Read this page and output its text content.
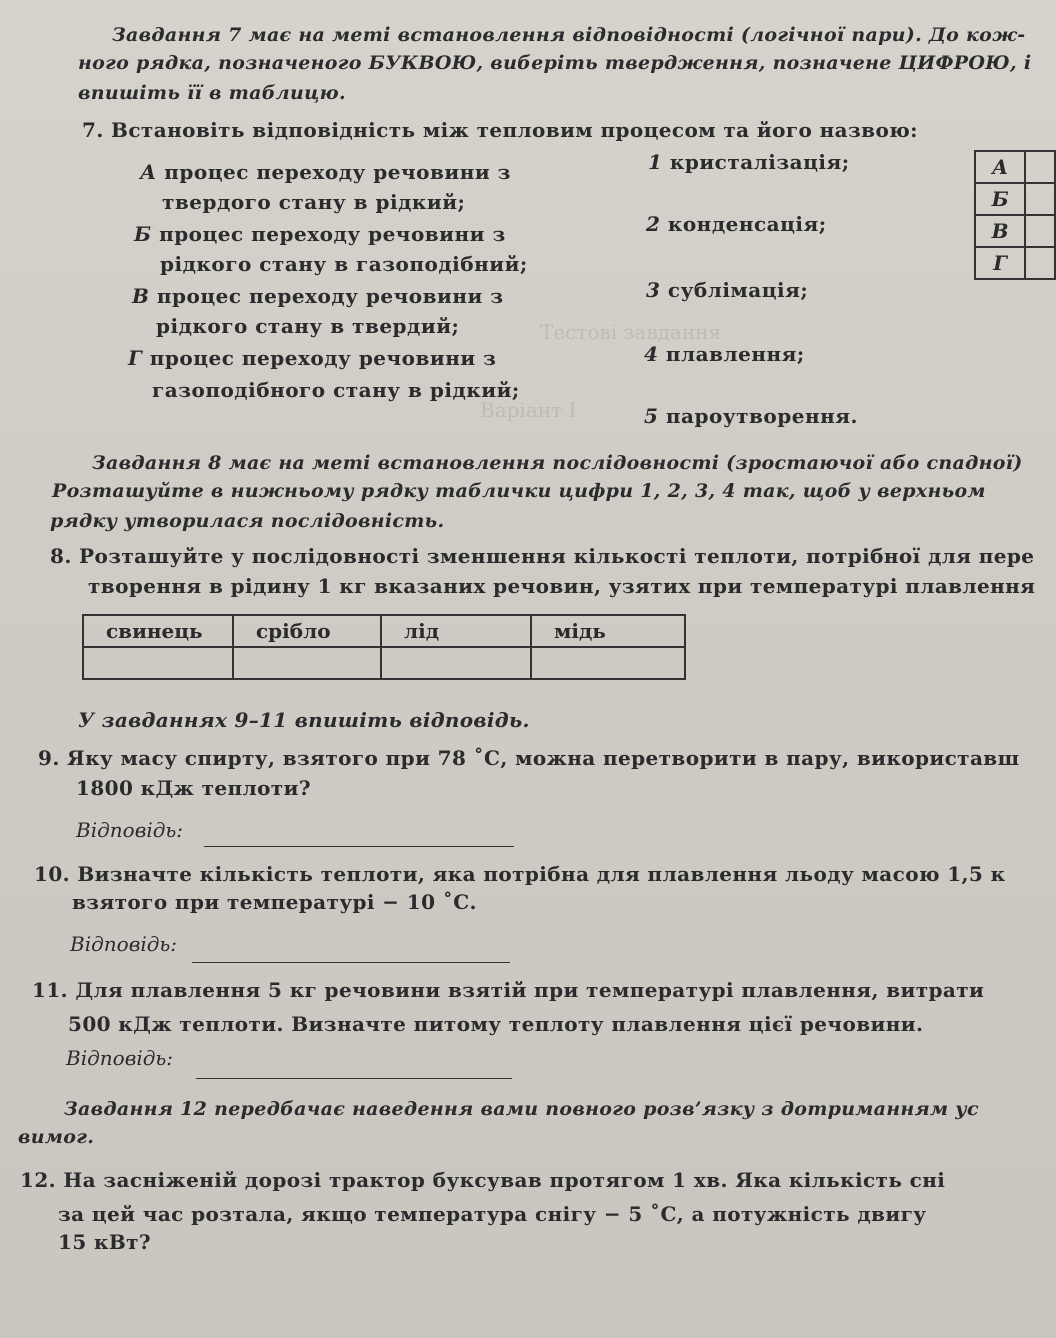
Тестові завдання
Варіант I
Завдання 7 має на меті встановлення відповідності (логічної пари). До кож-
ного рядка, позначеного БУКВОЮ, виберіть твердження, позначене ЦИФРОЮ, і
впишіть її в таблицю.
7. Встановіть відповідність між тепловим процесом та його назвою:
А процес переходу речовини з
твердого стану в рідкий;
Б процес переходу речовини з
рідкого стану в газоподібний;
В процес переходу речовини з
рідкого стану в твердий;
Г процес переходу речовини з
газоподібного стану в рідкий;
1 кристалізація;
2 конденсація;
3 сублімація;
4 плавлення;
5 пароутворення.
А	
Б	
В	
Г	
Завдання 8 має на меті встановлення послідовності (зростаючої або спадної)
Розташуйте в нижньому рядку таблички цифри 1, 2, 3, 4 так, щоб у верхньом
рядку утворилася послідовність.
8. Розташуйте у послідовності зменшення кількості теплоти, потрібної для пере
творення в рідину 1 кг вказаних речовин, узятих при температурі плавлення
свинець	срібло	лід	мідь

У завданнях 9–11 впишіть відповідь.
9. Яку масу спирту, взятого при 78 ˚С, можна перетворити в пару, використавш
1800 кДж теплоти?
Відповідь:
10. Визначте кількість теплоти, яка потрібна для плавлення льоду масою 1,5 к
взятого при температурі − 10 ˚С.
Відповідь:
11. Для плавлення 5 кг речовини взятій при температурі плавлення, витрати
500 кДж теплоти. Визначте питому теплоту плавлення цієї речовини.
Відповідь:
Завдання 12 передбачає наведення вами повного розв’язку з дотриманням ус
вимог.
12. На засніженій дорозі трактор буксував протягом 1 хв. Яка кількість сні
за цей час розтала, якщо температура снігу − 5 ˚С, а потужність двигу
15 кВт?
